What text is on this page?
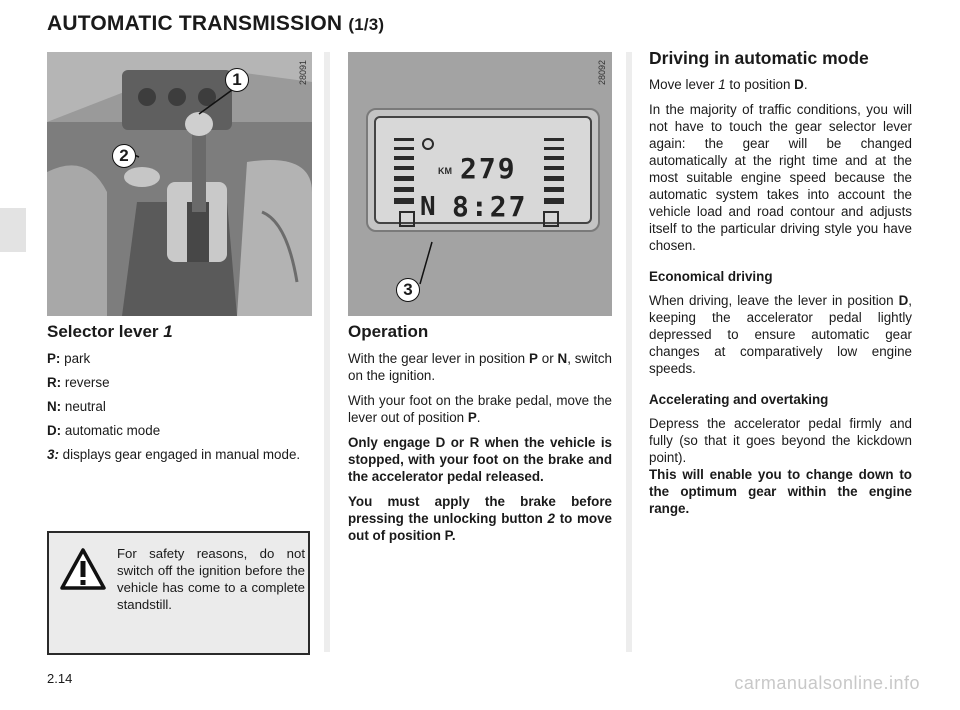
AUTOMATIC TRANSMISSION (1/3)
1
2
28091
KM 279
8:27
N
3
28092
Selector lever 1
P: park
R: reverse
N: neutral
D: automatic mode
3: displays gear engaged in manual mode.
For safety reasons, do not switch off the ignition before the vehicle has come to a complete standstill.
Operation

With the gear lever in position P or N, switch on the ignition.

With your foot on the brake pedal, move the lever out of position P.

Only engage D or R when the vehicle is stopped, with your foot on the brake and the accelerator pedal released.

You must apply the brake before pressing the unlocking button 2 to move out of position P.

Driving in automatic mode

Move lever 1 to position D.

In the majority of traffic conditions, you will not have to touch the gear selector lever again: the gear will be changed automatically at the right time and at the most suitable engine speed because the automatic system takes into account the vehicle load and road contour and adjusts itself to the particular driving style you have chosen.

Economical driving

When driving, leave the lever in position D, keeping the accelerator pedal lightly depressed to ensure automatic gear changes at comparatively low engine speeds.

Accelerating and overtaking

Depress the accelerator pedal firmly and fully (so that it goes beyond the kickdown point).

This will enable you to change down to the optimum gear within the engine range.

2.14	carmanualsonline.info
